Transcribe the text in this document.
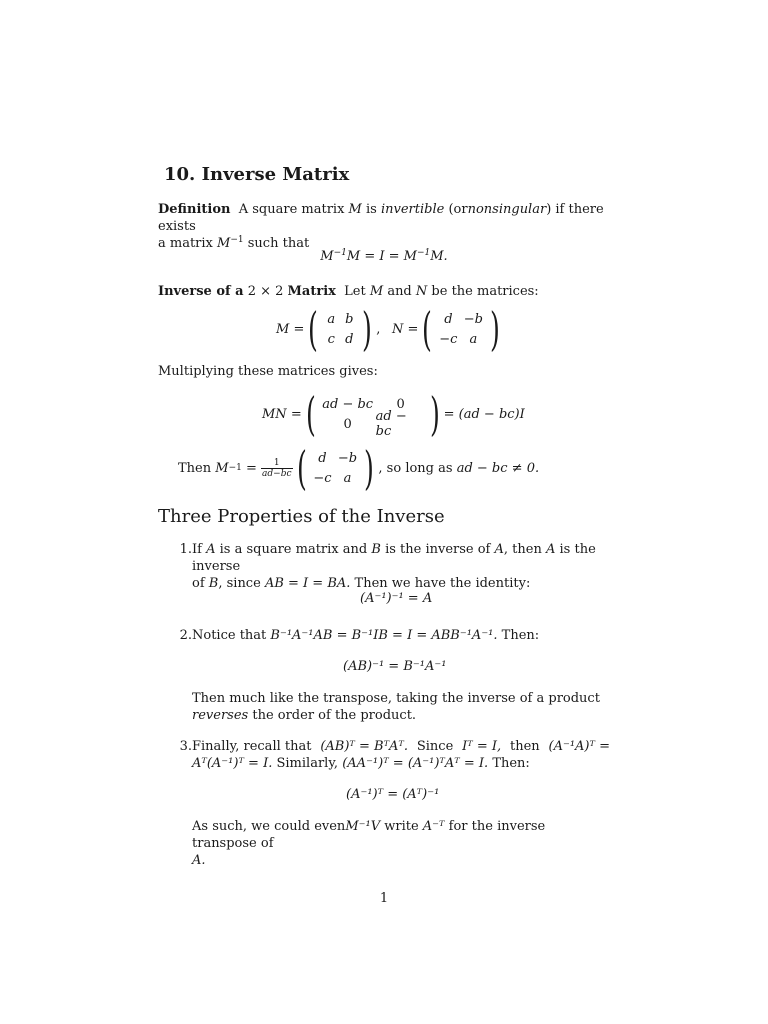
10. Inverse Matrix

Definition A square matrix M is invertible (ornonsingular) if there exists

a matrix $M^{-1}$ such that

$M^{-1}M = I = M^{-1}M$.
Inverse of a 2 × 2 Matrix Let M and N be the matrices:
M = ( a b
c d ) , N = ( d −b
−c a )
Multiplying these matrices gives:
MN = ( ad − bc 0
0 ad − bc ) = (ad − bc)I
Then
M −1
=
$\frac{1}{ad-bc}$ ( d −b
−c a ) , so long as
ad − bc ≠ 0.
Three Properties of the Inverse
1. If A is a square matrix and B is the inverse of A, then A is the inverse

of B, since AB = I = BA. Then we have the identity:

(A⁻¹)⁻¹ = A
2. Notice that B⁻¹A⁻¹AB = B⁻¹IB = I = ABB⁻¹A⁻¹. Then:

(AB)⁻¹ = B⁻¹A⁻¹
Then much like the transpose, taking the inverse of a product reverses the order of the product.
3. Finally, recall that (AB)ᵀ = BᵀAᵀ. Since Iᵀ = I, then (A⁻¹A)ᵀ =

Aᵀ(A⁻¹)ᵀ = I. Similarly, (AA⁻¹)ᵀ = (A⁻¹)ᵀAᵀ = I. Then:

(A⁻¹)ᵀ = (Aᵀ)⁻¹
As such, we could evenM⁻¹V write A⁻ᵀ for the inverse transpose of
A.
1
